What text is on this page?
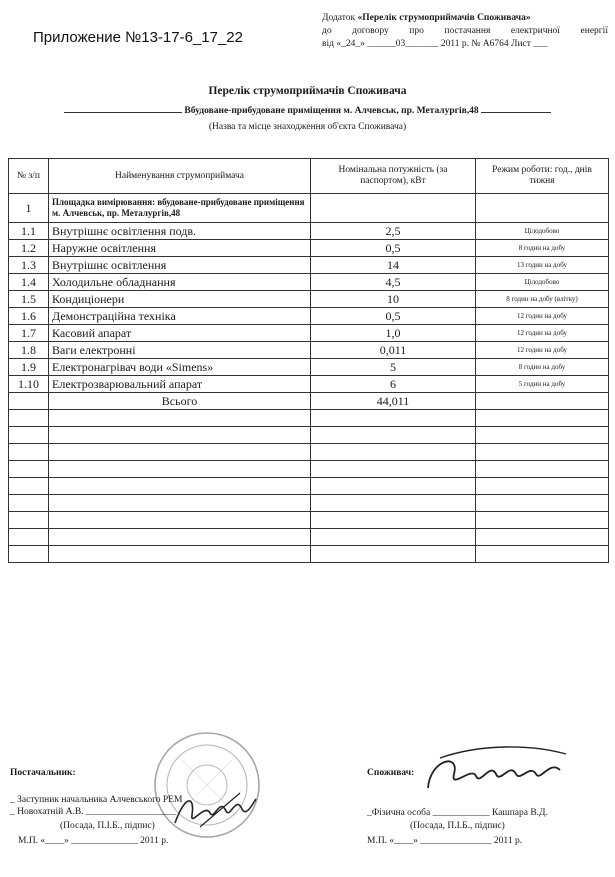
Приложение №13-17-6_17_22
Додаток «Перелік струмоприймачів Споживача»
до договору про постачання електричної енергії
від «_24_» ______03_______ 2011 р. № А6764 Лист ___
Перелік струмоприймачів Споживача
Вбудоване-прибудоване приміщення м. Алчевськ, пр. Металургів,48
(Назва та місце знаходження об'єкта Споживача)
№ з/п	Найменування струмоприймача	Номінальна потужність (за паспортом), кВт	Режим роботи: год., днів тижня
1	Площадка вимірювання: вбудоване-прибудоване приміщення м. Алчевськ, пр. Металургів,48		
1.1	Внутрішнє освітлення подв.	2,5	Цілодобово
1.2	Наружне освітлення	0,5	8 годин на добу
1.3	Внутрішнє освітлення	14	13 годин на добу
1.4	Холодильне обладнання	4,5	Цілодобово
1.5	Кондиціонери	10	8 годин на добу (влітку)
1.6	Демонстраційна техніка	0,5	12 годин на добу
1.7	Касовий апарат	1,0	12 годин на добу
1.8	Ваги електронні	0,011	12 годин на добу
1.9	Електронагрівач води «Simens»	5	8 годин на добу
1.10	Електрозварювальний апарат	6	5 годин на добу
	Всього	44,011	

Постачальник:
_ Заступник начальника Алчевського РЕМ
_ Новохатній А.В. ___________________
(Посада, П.І.Б., підпис)
М.П. «____» ______________ 2011 р.
Споживач:
_Фізична особа ____________ Кашпара В.Д.
(Посада, П.І.Б., підпис)
М.П. «____» _______________ 2011 р.
